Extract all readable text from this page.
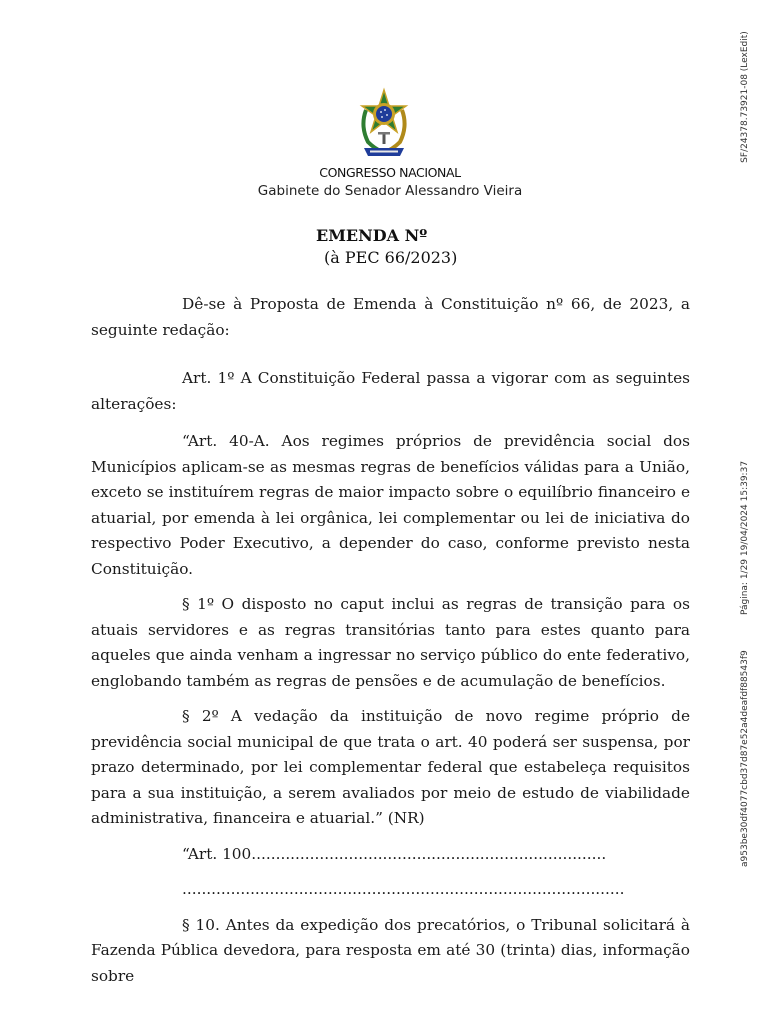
CONGRESSO NACIONAL
Gabinete do Senador Alessandro Vieira
EMENDA Nº
(à PEC 66/2023)

Dê-se à Proposta de Emenda à Constituição nº 66, de 2023, a seguinte redação:

Art. 1º A Constituição Federal passa a vigorar com as seguintes alterações:

“Art. 40-A. Aos regimes próprios de previdência social dos Municípios aplicam-se as mesmas regras de benefícios válidas para a União, exceto se instituírem regras de maior impacto sobre o equilíbrio financeiro e atuarial, por emenda à lei orgânica, lei complementar ou lei de iniciativa do respectivo Poder Executivo, a depender do caso, conforme previsto nesta Constituição.

§ 1º O disposto no caput inclui as regras de transição para os atuais servidores e as regras transitórias tanto para estes quanto para aqueles que ainda venham a ingressar no serviço público do ente federativo, englobando também as regras de pensões e de acumulação de benefícios.

§ 2º A vedação da instituição de novo regime próprio de previdência social municipal de que trata o art. 40 poderá ser suspensa, por prazo determinado, por lei complementar federal que estabeleça requisitos para a sua instituição, a serem avaliados por meio de estudo de viabilidade administrativa, financeira e atuarial.” (NR)

“Art. 100.........................................................................

...........................................................................................

§ 10. Antes da expedição dos precatórios, o Tribunal solicitará à Fazenda Pública devedora, para resposta em até 30 (trinta) dias, informação sobre

SF/24378.73921-08 (LexEdit)
Página: 1/29 19/04/2024 15:39:37
a953be30df4077cbd37d87e52a4deafdf88543f9
